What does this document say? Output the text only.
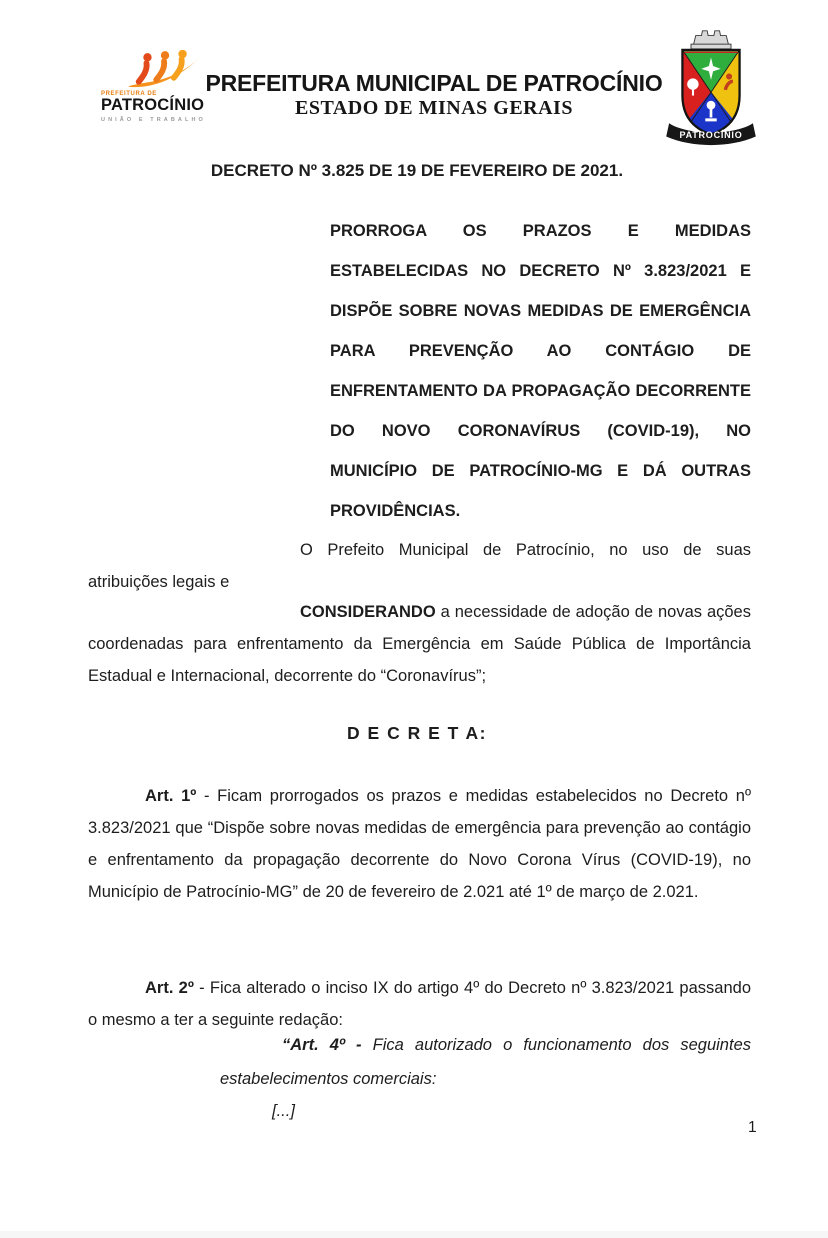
PREFEITURA DE
PATROCÍNIO
UNIÃO E TRABALHO
PREFEITURA MUNICIPAL DE PATROCÍNIO
ESTADO DE MINAS GERAIS
PATROCÍNIO
DECRETO Nº 3.825 DE 19 DE FEVEREIRO DE 2021.

PRORROGA OS PRAZOS E MEDIDAS ESTABELECIDAS NO DECRETO Nº 3.823/2021 E DISPÕE SOBRE NOVAS MEDIDAS DE EMERGÊNCIA PARA PREVENÇÃO AO CONTÁGIO DE ENFRENTAMENTO DA PROPAGAÇÃO DECORRENTE DO NOVO CORONAVÍRUS (COVID-19), NO MUNICÍPIO DE PATROCÍNIO-MG E DÁ OUTRAS PROVIDÊNCIAS.

O Prefeito Municipal de Patrocínio, no uso de suas atribuições legais e

CONSIDERANDO a necessidade de adoção de novas ações coordenadas para enfrentamento da Emergência em Saúde Pública de Importância Estadual e Internacional, decorrente do “Coronavírus”;

D E C R E T A:

Art. 1º - Ficam prorrogados os prazos e medidas estabelecidos no Decreto nº 3.823/2021 que “Dispõe sobre novas medidas de emergência para prevenção ao contágio e enfrentamento da propagação decorrente do Novo Corona Vírus (COVID-19), no Município de Patrocínio-MG” de 20 de fevereiro de 2.021 até 1º de março de 2.021.

Art. 2º - Fica alterado o inciso IX do artigo 4º do Decreto nº 3.823/2021 passando o mesmo a ter a seguinte redação:

“Art. 4º - Fica autorizado o funcionamento dos seguintes estabelecimentos comerciais:

[...]

1
